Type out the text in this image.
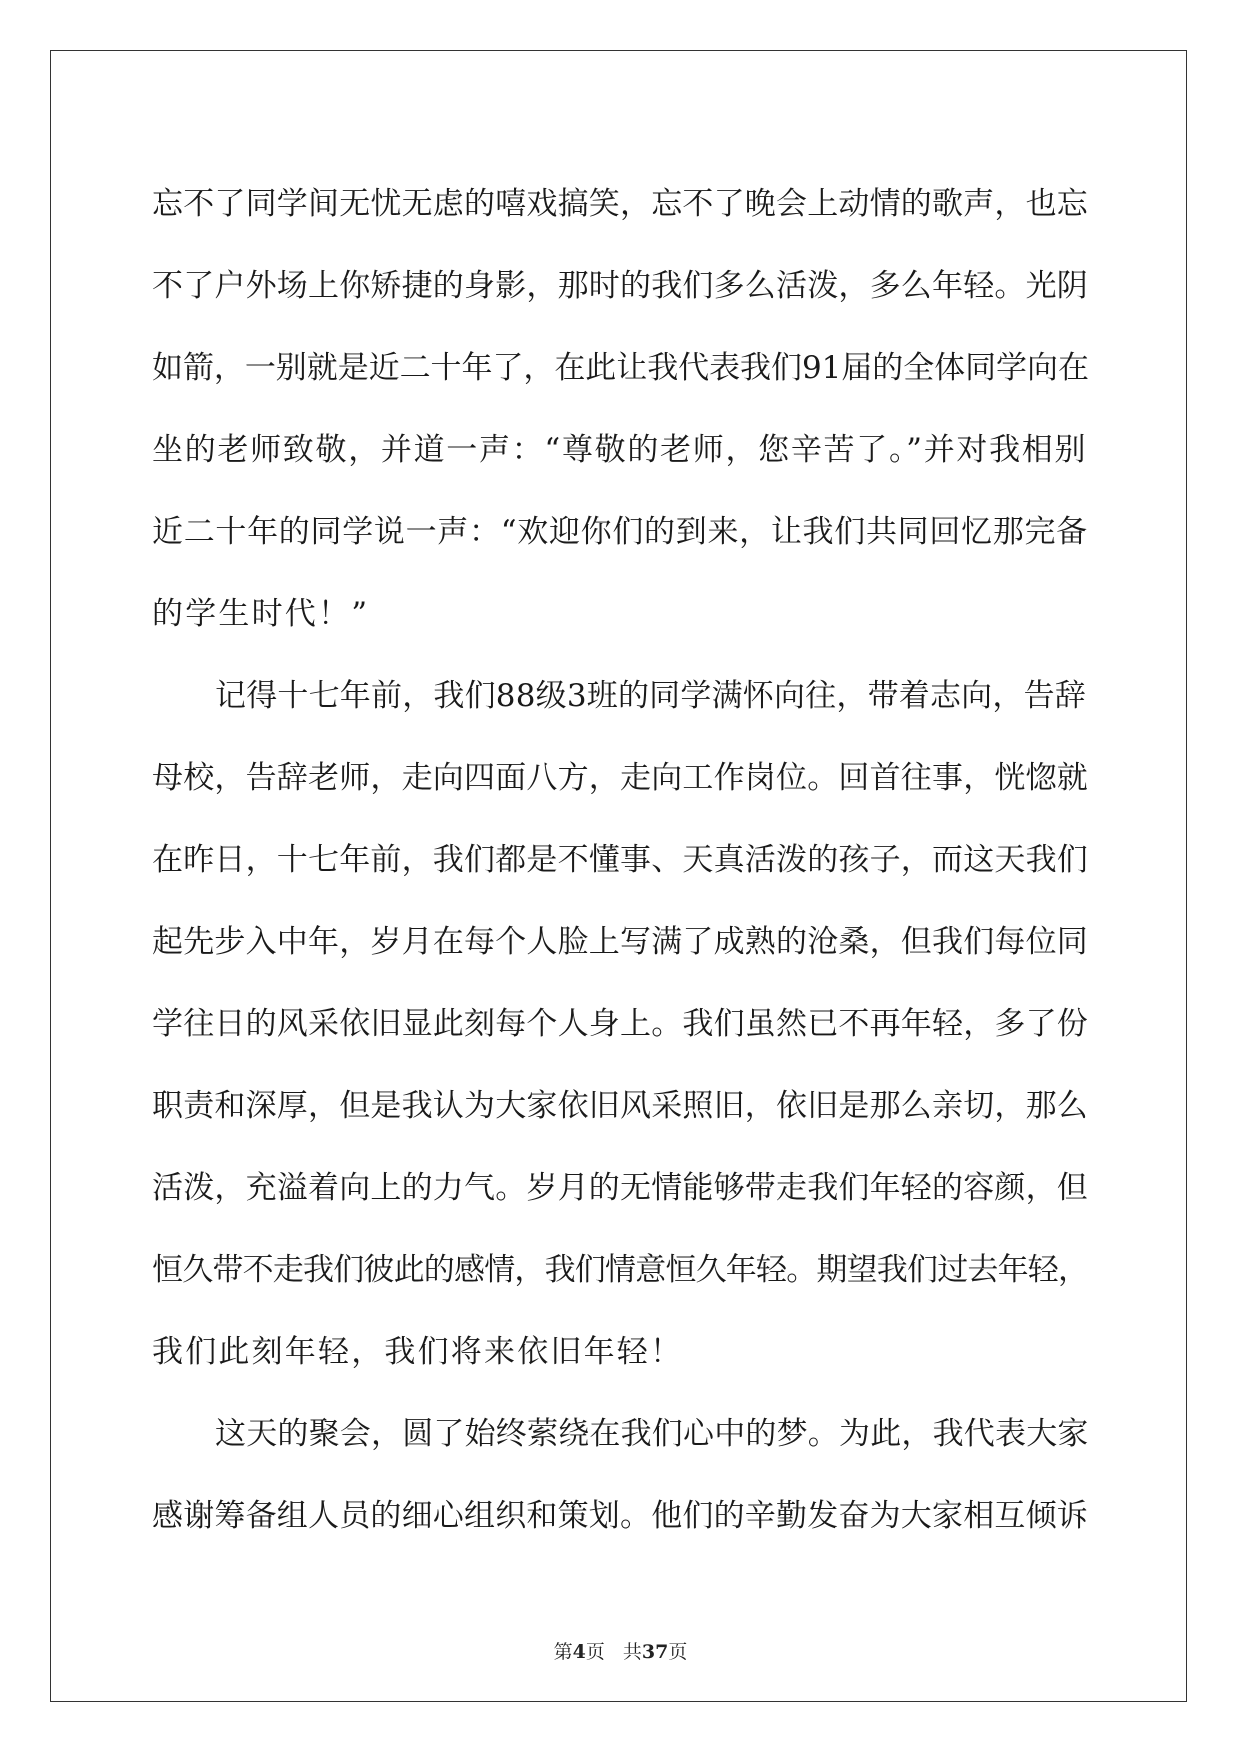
忘不了同学间无忧无虑的嘻戏搞笑，忘不了晚会上动情的歌声，也忘
不了户外场上你矫捷的身影，那时的我们多么活泼，多么年轻。光阴
如箭，一别就是近二十年了，在此让我代表我们91届的全体同学向在
坐的老师致敬，并道一声：“尊敬的老师，您辛苦了。”并对我相别
近二十年的同学说一声：“欢迎你们的到来，让我们共同回忆那完备
的学生时代！”
记得十七年前，我们88级3班的同学满怀向往，带着志向，告辞
母校，告辞老师，走向四面八方，走向工作岗位。回首往事，恍惚就
在昨日，十七年前，我们都是不懂事、天真活泼的孩子，而这天我们
起先步入中年，岁月在每个人脸上写满了成熟的沧桑，但我们每位同
学往日的风采依旧显此刻每个人身上。我们虽然已不再年轻，多了份
职责和深厚，但是我认为大家依旧风采照旧，依旧是那么亲切，那么
活泼，充溢着向上的力气。岁月的无情能够带走我们年轻的容颜，但
恒久带不走我们彼此的感情，我们情意恒久年轻。期望我们过去年轻，
我们此刻年轻，我们将来依旧年轻！
这天的聚会，圆了始终萦绕在我们心中的梦。为此，我代表大家
感谢筹备组人员的细心组织和策划。他们的辛勤发奋为大家相互倾诉
第4页 共37页
